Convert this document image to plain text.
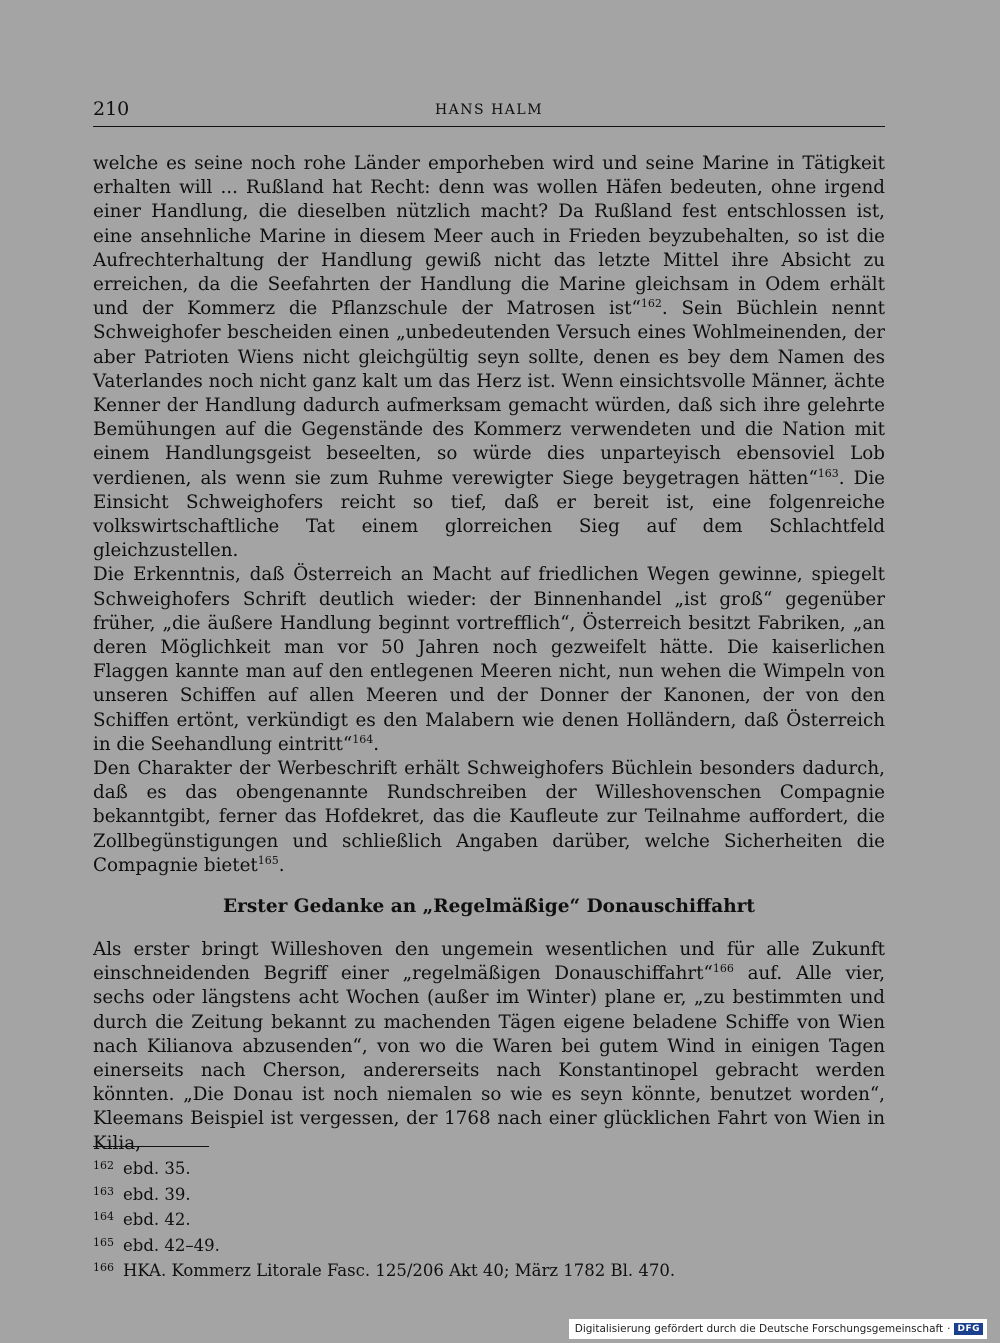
210	HANS HALM

welche es seine noch rohe Länder emporheben wird und seine Marine in Tätigkeit erhalten will ... Rußland hat Recht: denn was wollen Häfen bedeuten, ohne irgend einer Handlung, die dieselben nützlich macht? Da Rußland fest entschlossen ist, eine ansehnliche Marine in diesem Meer auch in Frieden beyzubehalten, so ist die Aufrechterhaltung der Handlung gewiß nicht das letzte Mittel ihre Absicht zu erreichen, da die Seefahrten der Handlung die Marine gleichsam in Odem erhält und der Kommerz die Pflanzschule der Matrosen ist“$^{162}$. Sein Büchlein nennt Schweighofer bescheiden einen „unbedeutenden Versuch eines Wohlmeinenden, der aber Patrioten Wiens nicht gleichgültig seyn sollte, denen es bey dem Namen des Vaterlandes noch nicht ganz kalt um das Herz ist. Wenn einsichtsvolle Männer, ächte Kenner der Handlung dadurch aufmerksam gemacht würden, daß sich ihre gelehrte Bemühungen auf die Gegenstände des Kommerz verwendeten und die Nation mit einem Handlungsgeist beseelten, so würde dies unparteyisch ebensoviel Lob verdienen, als wenn sie zum Ruhme verewigter Siege beygetragen hätten“$^{163}$. Die Einsicht Schweighofers reicht so tief, daß er bereit ist, eine folgenreiche volkswirtschaftliche Tat einem glorreichen Sieg auf dem Schlachtfeld gleichzustellen.

Die Erkenntnis, daß Österreich an Macht auf friedlichen Wegen gewinne, spiegelt Schweighofers Schrift deutlich wieder: der Binnenhandel „ist groß“ gegenüber früher, „die äußere Handlung beginnt vortrefflich“, Österreich besitzt Fabriken, „an deren Möglichkeit man vor 50 Jahren noch gezweifelt hätte. Die kaiserlichen Flaggen kannte man auf den entlegenen Meeren nicht, nun wehen die Wimpeln von unseren Schiffen auf allen Meeren und der Donner der Kanonen, der von den Schiffen ertönt, verkündigt es den Malabern wie denen Holländern, daß Österreich in die Seehandlung eintritt“$^{164}$.

Den Charakter der Werbeschrift erhält Schweighofers Büchlein besonders dadurch, daß es das obengenannte Rundschreiben der Willeshovenschen Compagnie bekanntgibt, ferner das Hofdekret, das die Kaufleute zur Teilnahme auffordert, die Zollbegünstigungen und schließlich Angaben darüber, welche Sicherheiten die Compagnie bietet$^{165}$.

Erster Gedanke an „Regelmäßige“ Donauschiffahrt

Als erster bringt Willeshoven den ungemein wesentlichen und für alle Zukunft einschneidenden Begriff einer „regelmäßigen Donauschiffahrt“$^{166}$ auf. Alle vier, sechs oder längstens acht Wochen (außer im Winter) plane er, „zu bestimmten und durch die Zeitung bekannt zu machenden Tägen eigene beladene Schiffe von Wien nach Kilianova abzusenden“, von wo die Waren bei gutem Wind in einigen Tagen einerseits nach Cherson, andererseits nach Konstantinopel gebracht werden könnten. „Die Donau ist noch niemalen so wie es seyn könnte, benutzet worden“, Kleemans Beispiel ist vergessen, der 1768 nach einer glücklichen Fahrt von Wien in Kilia,

162 ebd. 35.
163 ebd. 39.
164 ebd. 42.
165 ebd. 42–49.
166 HKA. Kommerz Litorale Fasc. 125/206 Akt 40; März 1782 Bl. 470.
Digitalisierung gefördert durch die Deutsche Forschungsgemeinschaft · DFG
